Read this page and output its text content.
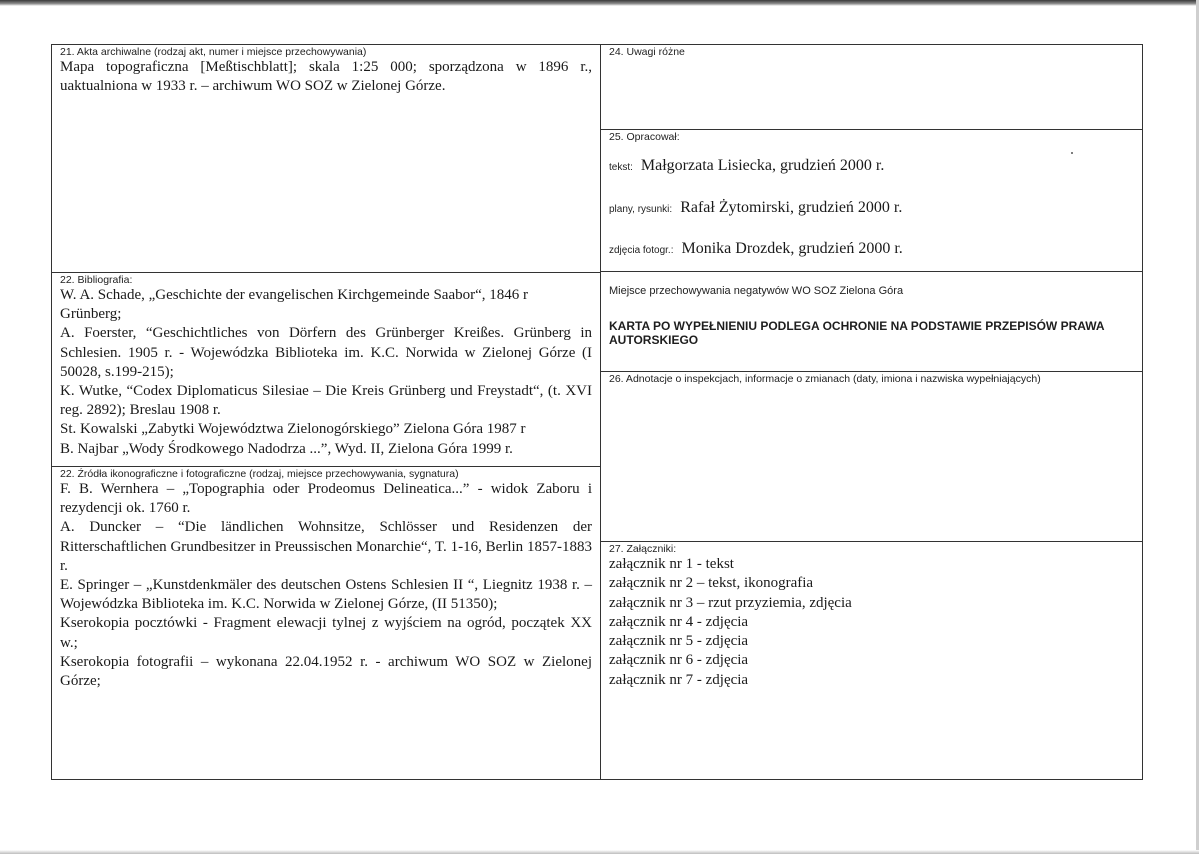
21. Akta archiwalne (rodzaj akt, numer i miejsce przechowywania)

Mapa topograficzna [Meßtischblatt]; skala 1:25 000; sporządzona w 1896 r., uaktualniona w 1933 r. – archiwum WO SOZ w Zielonej Górze.

22. Bibliografia:

W. A. Schade, „Geschichte der evangelischen Kirchgemeinde Saabor“, 1846 r Grünberg;

A. Foerster, “Geschichtliches von Dörfern des Grünberger Kreißes. Grünberg in Schlesien. 1905 r. - Wojewódzka Biblioteka im. K.C. Norwida w Zielonej Górze (I 50028, s.199-215);

K. Wutke, “Codex Diplomaticus Silesiae – Die Kreis Grünberg und Freystadt“, (t. XVI reg. 2892); Breslau 1908 r.

St. Kowalski „Zabytki Województwa Zielonogórskiego” Zielona Góra 1987 r

B. Najbar „Wody Środkowego Nadodrza ...”, Wyd. II, Zielona Góra 1999 r.

22. Źródła ikonograficzne i fotograficzne (rodzaj, miejsce przechowywania, sygnatura)

F. B. Wernhera – „Topographia oder Prodeomus Delineatica...” - widok Zaboru i rezydencji ok. 1760 r.

A. Duncker – “Die ländlichen Wohnsitze, Schlösser und Residenzen der Ritterschaftlichen Grundbesitzer in Preussischen Monarchie“, T. 1-16, Berlin 1857-1883 r.

E. Springer – „Kunstdenkmäler des deutschen Ostens Schlesien II “, Liegnitz 1938 r. – Wojewódzka Biblioteka im. K.C. Norwida w Zielonej Górze, (II 51350);

Kserokopia pocztówki - Fragment elewacji tylnej z wyjściem na ogród, początek XX w.;

Kserokopia fotografii – wykonana 22.04.1952 r. - archiwum WO SOZ w Zielonej Górze;

24. Uwagi różne
25. Opracował:
tekst: Małgorzata Lisiecka, grudzień 2000 r.
plany, rysunki: Rafał Żytomirski, grudzień 2000 r.
zdjęcia fotogr.: Monika Drozdek, grudzień 2000 r.
Miejsce przechowywania negatywów WO SOZ Zielona Góra
KARTA PO WYPEŁNIENIU PODLEGA OCHRONIE NA PODSTAWIE PRZEPISÓW PRAWA AUTORSKIEGO
26. Adnotacje o inspekcjach, informacje o zmianach (daty, imiona i nazwiska wypełniających)
27. Załączniki:

załącznik nr 1 - tekst

załącznik nr 2 – tekst, ikonografia

załącznik nr 3 – rzut przyziemia, zdjęcia

załącznik nr 4 - zdjęcia

załącznik nr 5 - zdjęcia

załącznik nr 6 - zdjęcia

załącznik nr 7 - zdjęcia
